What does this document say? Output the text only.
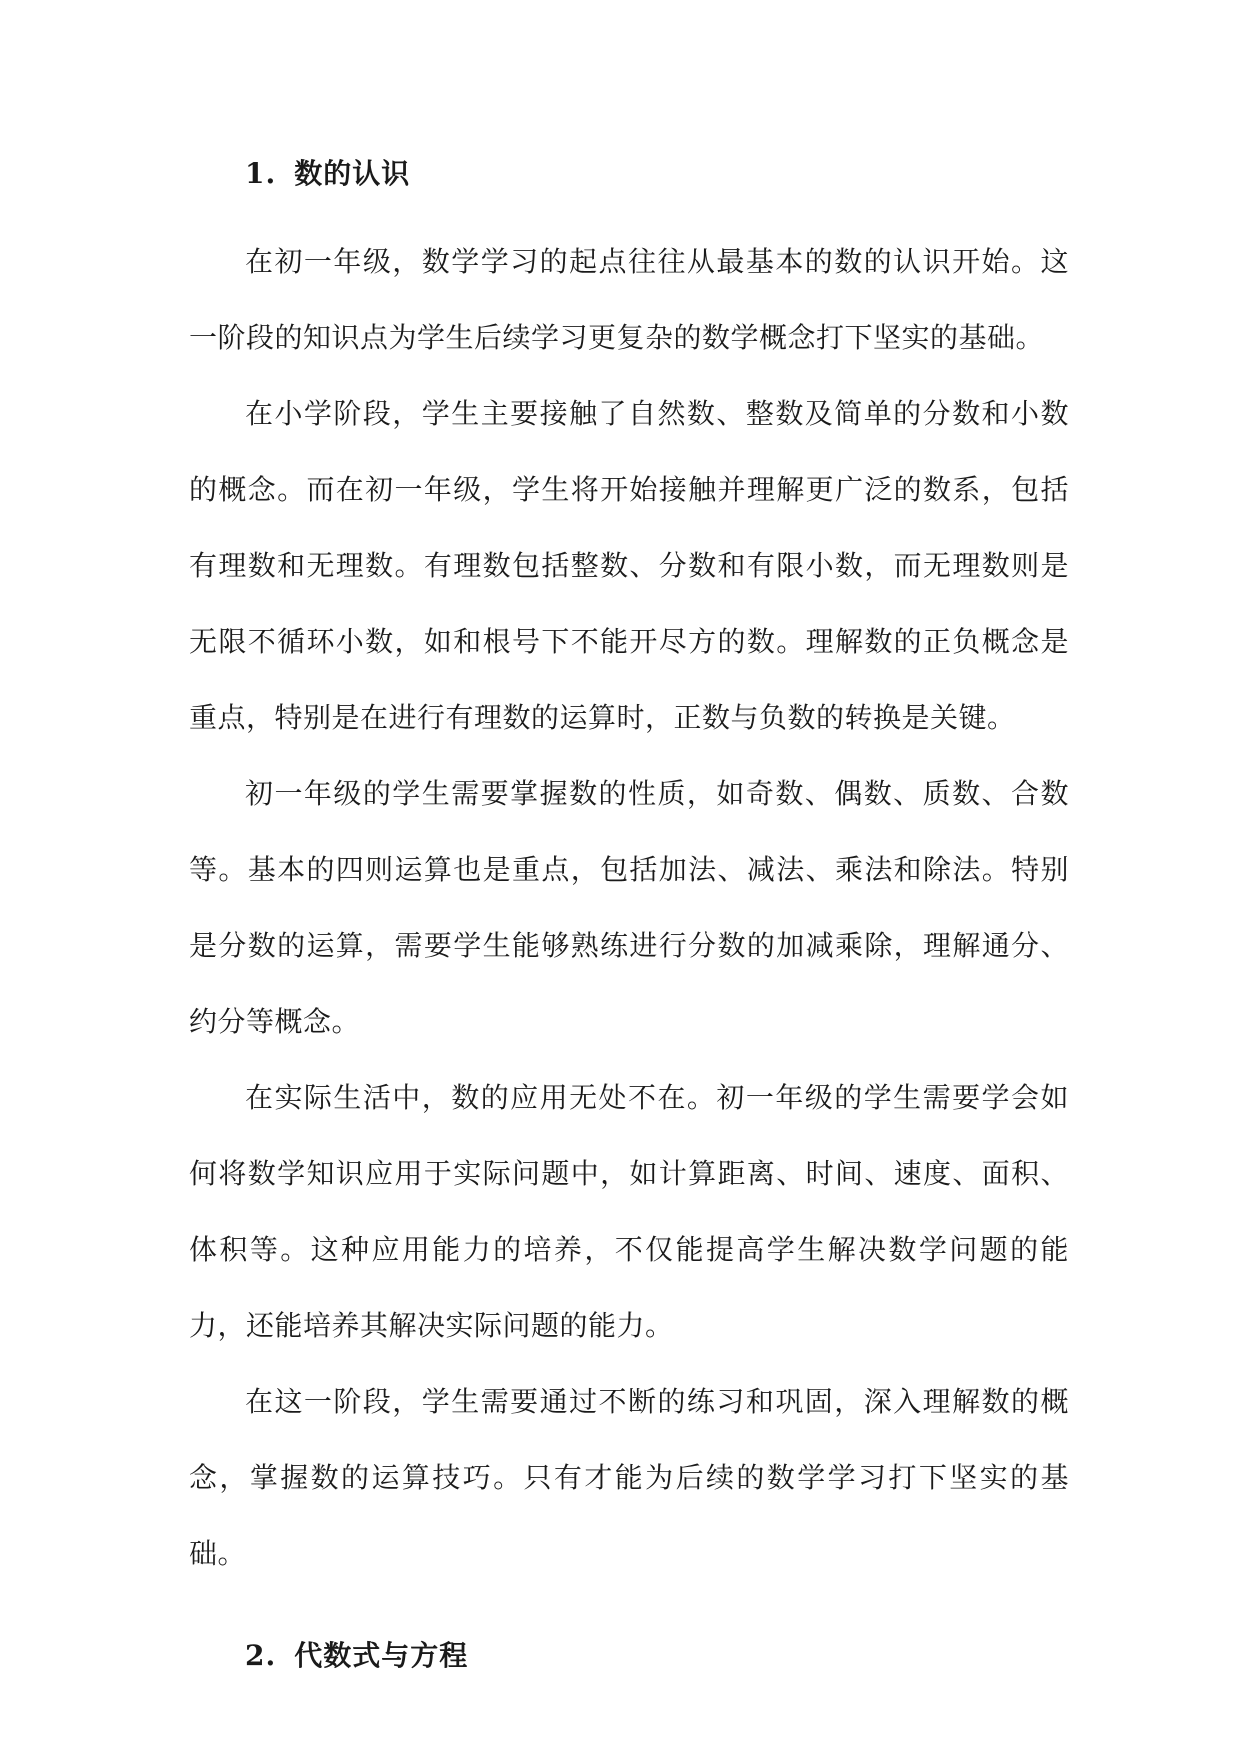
1. 数的认识

在初一年级，数学学习的起点往往从最基本的数的认识开始。这一阶段的知识点为学生后续学习更复杂的数学概念打下坚实的基础。

在小学阶段，学生主要接触了自然数、整数及简单的分数和小数的概念。而在初一年级，学生将开始接触并理解更广泛的数系，包括有理数和无理数。有理数包括整数、分数和有限小数，而无理数则是无限不循环小数，如和根号下不能开尽方的数。理解数的正负概念是重点，特别是在进行有理数的运算时，正数与负数的转换是关键。

初一年级的学生需要掌握数的性质，如奇数、偶数、质数、合数等。基本的四则运算也是重点，包括加法、减法、乘法和除法。特别是分数的运算，需要学生能够熟练进行分数的加减乘除，理解通分、约分等概念。

在实际生活中，数的应用无处不在。初一年级的学生需要学会如何将数学知识应用于实际问题中，如计算距离、时间、速度、面积、体积等。这种应用能力的培养，不仅能提高学生解决数学问题的能力，还能培养其解决实际问题的能力。

在这一阶段，学生需要通过不断的练习和巩固，深入理解数的概念，掌握数的运算技巧。只有才能为后续的数学学习打下坚实的基础。

2. 代数式与方程
